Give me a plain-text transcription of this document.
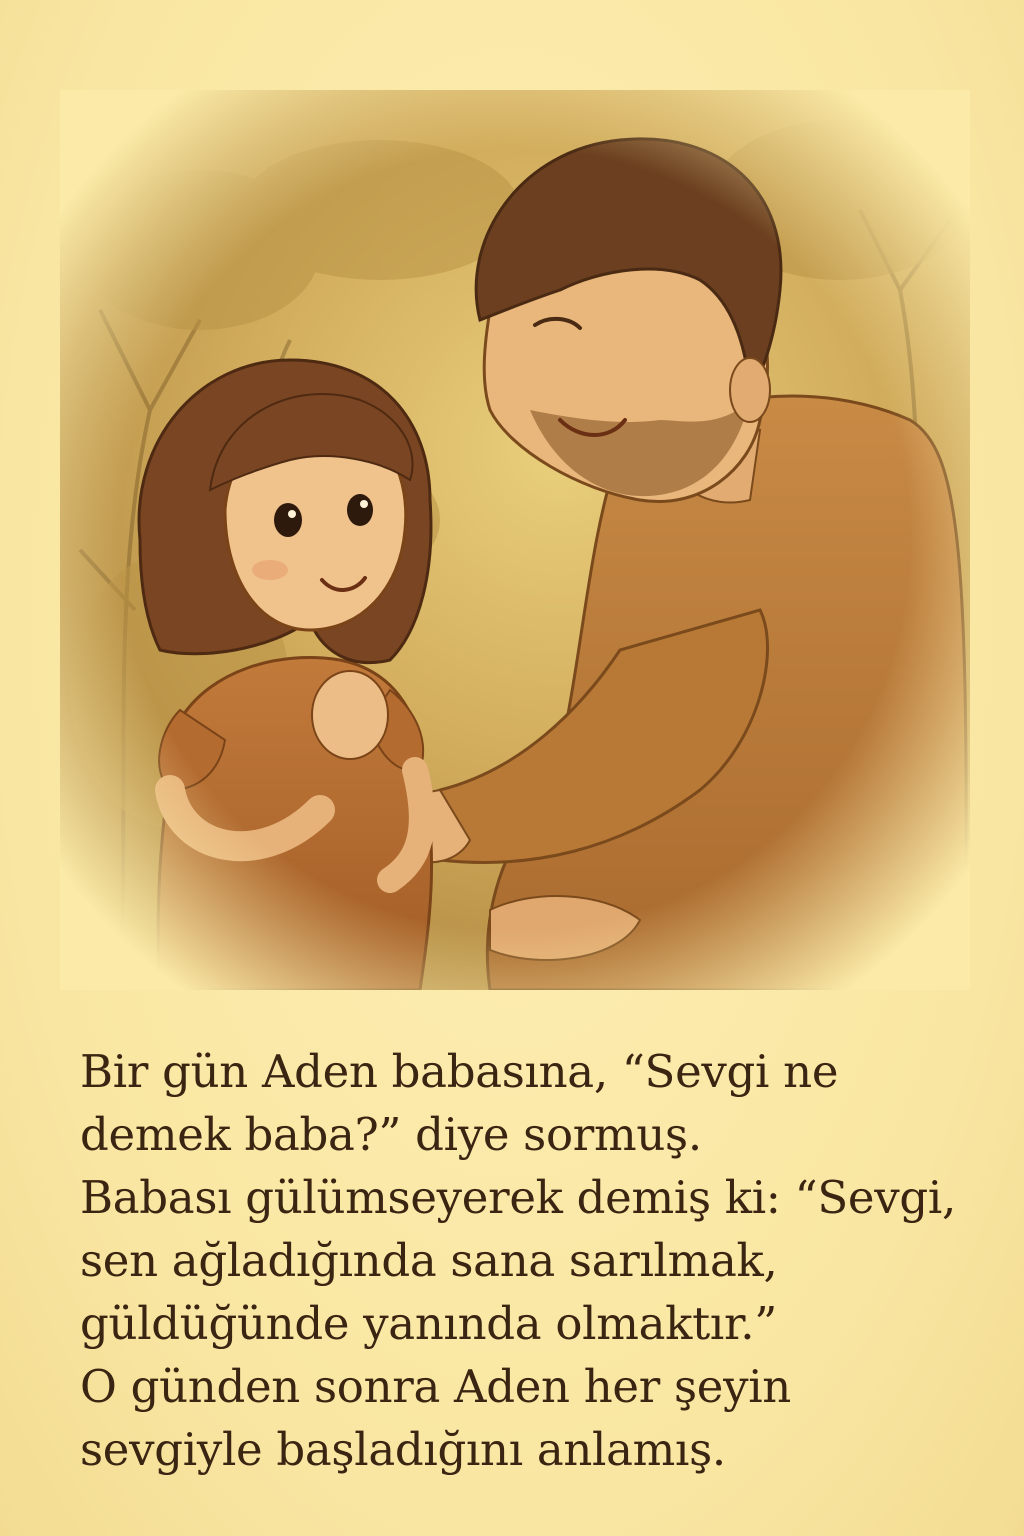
Bir gün Aden babasına, “Sevgi ne
demek baba?” diye sormuş.
Babası gülümseyerek demiş ki: “Sevgi,
sen ağladığında sana sarılmak,
güldüğünde yanında olmaktır.”
O günden sonra Aden her şeyin
sevgiyle başladığını anlamış.
